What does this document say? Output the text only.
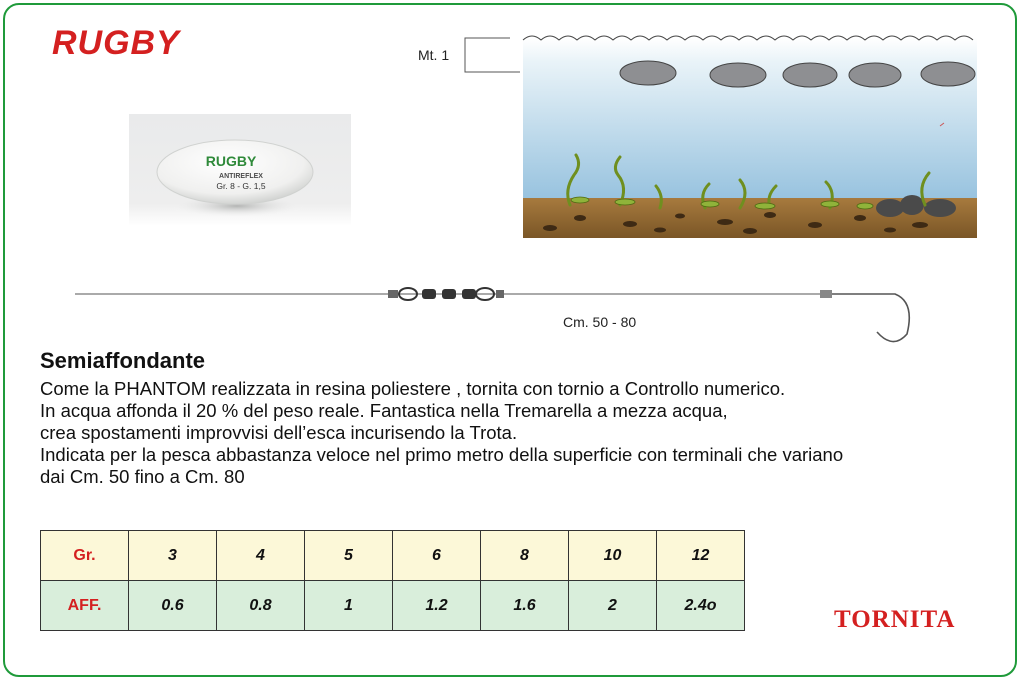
RUGBY
RUGBY
ANTIREFLEX
Gr. 8 - G. 1,5
Mt. 1
Cm. 50 - 80
Semiaffondante
Come la PHANTOM realizzata in resina poliestere , tornita con tornio a Controllo numerico.
In acqua affonda il 20 % del peso reale. Fantastica nella Tremarella a mezza acqua,
crea spostamenti improvvisi dell’esca incurisendo la Trota.
Indicata per la pesca abbastanza veloce nel primo metro della superficie con terminali che variano
dai Cm. 50 fino a Cm. 80
Gr.	3	4	5	6	8	10	12
AFF.	0.6	0.8	1	1.2	1.6	2	2.4o
TORNITA
